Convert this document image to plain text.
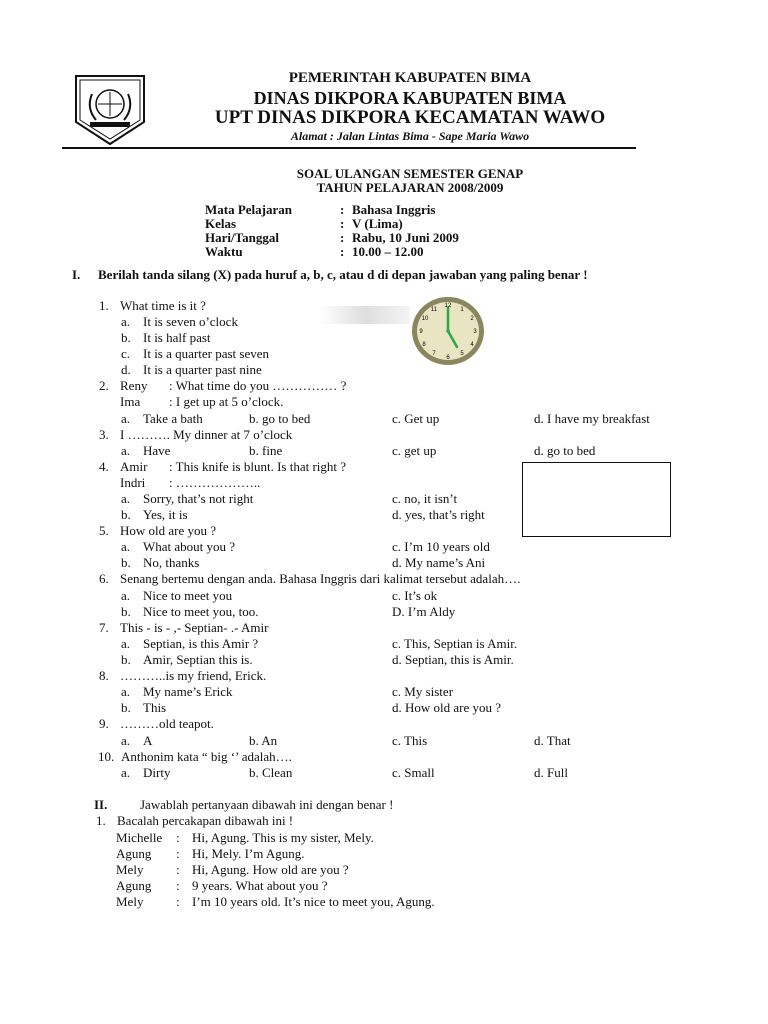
PEMERINTAH KABUPATEN BIMA
DINAS DIKPORA KABUPATEN BIMA
UPT DINAS DIKPORA KECAMATAN WAWO
Alamat : Jalan Lintas Bima - Sape Maria Wawo
SOAL ULANGAN SEMESTER GENAP
TAHUN PELAJARAN 2008/2009
Mata Pelajaran	: Bahasa Inggris
Kelas	: V (Lima)
Hari/Tanggal	: Rabu, 10 Juni 2009
Waktu	: 10.00 – 12.00
I. Berilah tanda silang (X) pada huruf a, b, c, atau d di depan jawaban yang paling benar !
12
1
2
3
4
5
6
7
8
9
10
11
1. What time is it ?
a. It is seven o’clock
b. It is half past
c. It is a quarter past seven
d. It is a quarter past nine
2. Reny : What time do you …………… ?
Ima : I get up at 5 o’clock.
a. Take a bath	b. go to bed	c. Get up	d. I have my breakfast
3. I ………. My dinner at 7 o’clock
a. Have	b. fine	c. get up	d. go to bed
4. Amir : This knife is blunt. Is that right ?
Indri : ………………..
a. Sorry, that’s not right	c. no, it isn’t
b. Yes, it is	d. yes, that’s right
5. How old are you ?
a. What about you ?	c. I’m 10 years old
b. No, thanks	d. My name’s Ani
6. Senang bertemu dengan anda. Bahasa Inggris dari kalimat tersebut adalah….
a. Nice to meet you	c. It’s ok
b. Nice to meet you, too.	D. I’m Aldy
7. This - is - ,- Septian- .- Amir
a. Septian, is this Amir ?	c. This, Septian is Amir.
b. Amir, Septian this is.	d. Septian, this is Amir.
8. ………..is my friend, Erick.
a. My name’s Erick	c. My sister
b. This	d. How old are you ?
9. ………old teapot.
a. A	b. An	c. This	d. That
10. Anthonim kata “ big ‘’ adalah….
a. Dirty	b. Clean	c. Small	d. Full
II.	Jawablah pertanyaan dibawah ini dengan benar !
1. Bacalah percakapan dibawah ini !
Michelle : Hi, Agung. This is my sister, Mely.
Agung : Hi, Mely. I’m Agung.
Mely	: Hi, Agung. How old are you ?
Agung : 9 years. What about you ?
Mely	: I’m 10 years old. It’s nice to meet you, Agung.
